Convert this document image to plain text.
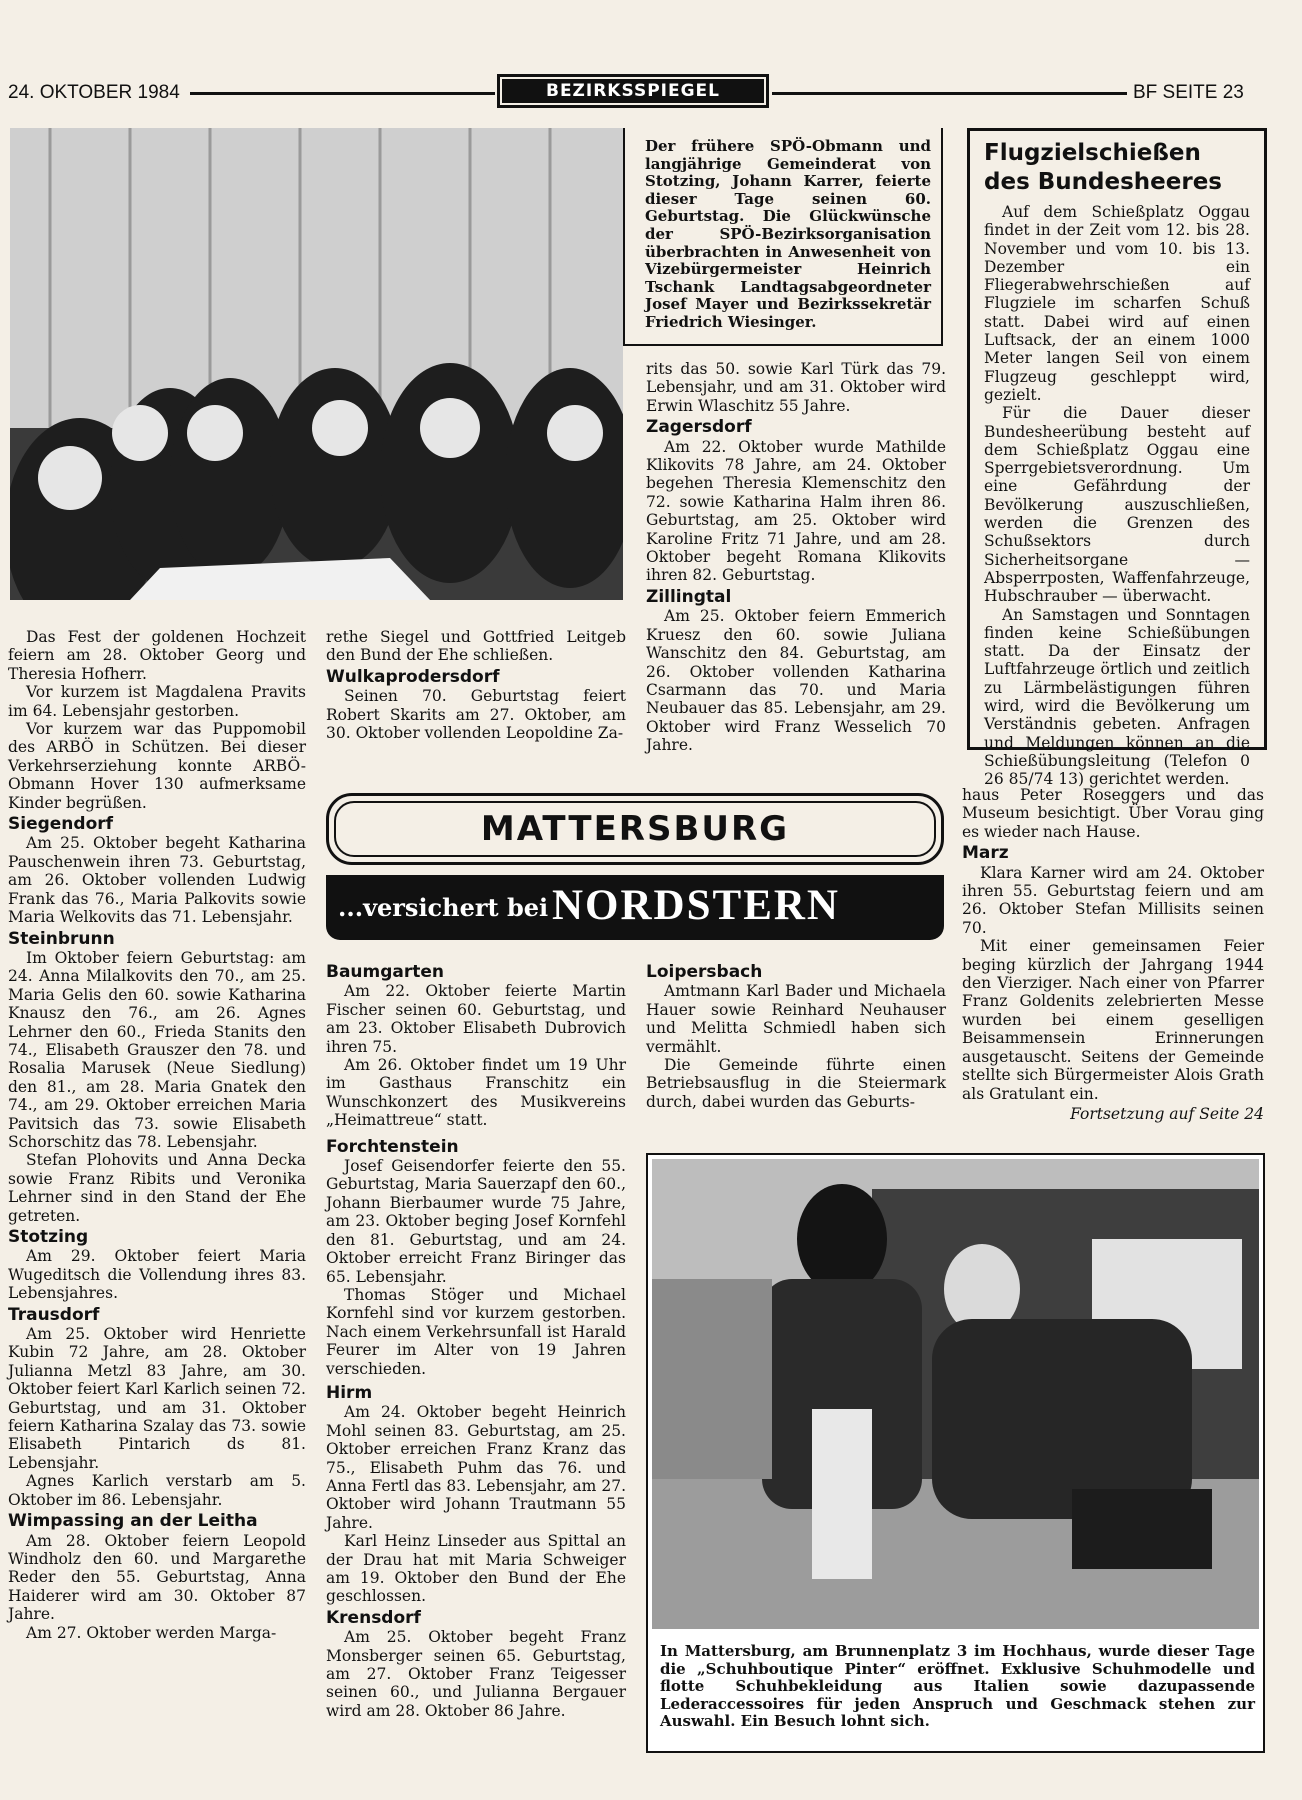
24. OKTOBER 1984	BEZIRKSSPIEGEL	BF SEITE 23
Der frühere SPÖ-Obmann und langjährige Gemeinderat von Stotzing, Johann Karrer, feierte dieser Tage seinen 60. Geburtstag. Die Glückwünsche der SPÖ-Bezirksorganisation überbrachten in Anwesenheit von Vizebürgermeister Heinrich Tschank Landtagsabgeordneter Josef Mayer und Bezirkssekretär Friedrich Wiesinger.
Flugzielschießen des Bundesheeres

Auf dem Schießplatz Oggau findet in der Zeit vom 12. bis 28. November und vom 10. bis 13. Dezember ein Fliegerabwehrschießen auf Flugziele im scharfen Schuß statt. Dabei wird auf einen Luftsack, der an einem 1000 Meter langen Seil von einem Flugzeug geschleppt wird, gezielt.

Für die Dauer dieser Bundesheerübung besteht auf dem Schießplatz Oggau eine Sperrgebietsverordnung. Um eine Gefährdung der Bevölkerung auszuschließen, werden die Grenzen des Schußsektors durch Sicherheitsorgane — Absperrposten, Waffenfahrzeuge, Hubschrauber — überwacht.

An Samstagen und Sonntagen finden keine Schießübungen statt. Da der Einsatz der Luftfahrzeuge örtlich und zeitlich zu Lärmbelästigungen führen wird, wird die Bevölkerung um Verständnis gebeten. Anfragen und Meldungen können an die Schießübungsleitung (Telefon 0 26 85/74 13) gerichtet werden.

rits das 50. sowie Karl Türk das 79. Lebensjahr, und am 31. Oktober wird Erwin Wlaschitz 55 Jahre.

Zagersdorf

Am 22. Oktober wurde Mathilde Klikovits 78 Jahre, am 24. Oktober begehen Theresia Klemenschitz den 72. sowie Katharina Halm ihren 86. Geburtstag, am 25. Oktober wird Karoline Fritz 71 Jahre, und am 28. Oktober begeht Romana Klikovits ihren 82. Geburtstag.

Zillingtal

Am 25. Oktober feiern Emmerich Kruesz den 60. sowie Juliana Wanschitz den 84. Geburtstag, am 26. Oktober vollenden Katharina Csarmann das 70. und Maria Neubauer das 85. Lebensjahr, am 29. Oktober wird Franz Wesselich 70 Jahre.

Das Fest der goldenen Hochzeit feiern am 28. Oktober Georg und Theresia Hofherr.

Vor kurzem ist Magdalena Pravits im 64. Lebensjahr gestorben.

Vor kurzem war das Puppomobil des ARBÖ in Schützen. Bei dieser Verkehrserziehung konnte ARBÖ-Obmann Hover 130 aufmerksame Kinder begrüßen.

Siegendorf

Am 25. Oktober begeht Katharina Pauschenwein ihren 73. Geburtstag, am 26. Oktober vollenden Ludwig Frank das 76., Maria Palkovits sowie Maria Welkovits das 71. Lebensjahr.

Steinbrunn

Im Oktober feiern Geburtstag: am 24. Anna Milalkovits den 70., am 25. Maria Gelis den 60. sowie Katharina Knausz den 76., am 26. Agnes Lehrner den 60., Frieda Stanits den 74., Elisabeth Grauszer den 78. und Rosalia Marusek (Neue Siedlung) den 81., am 28. Maria Gnatek den 74., am 29. Oktober erreichen Maria Pavitsich das 73. sowie Elisabeth Schorschitz das 78. Lebensjahr.

Stefan Plohovits und Anna Decka sowie Franz Ribits und Veronika Lehrner sind in den Stand der Ehe getreten.

Stotzing

Am 29. Oktober feiert Maria Wugeditsch die Vollendung ihres 83. Lebensjahres.

Trausdorf

Am 25. Oktober wird Henriette Kubin 72 Jahre, am 28. Oktober Julianna Metzl 83 Jahre, am 30. Oktober feiert Karl Karlich seinen 72. Geburtstag, und am 31. Oktober feiern Katharina Szalay das 73. sowie Elisabeth Pintarich ds 81. Lebensjahr.

Agnes Karlich verstarb am 5. Oktober im 86. Lebensjahr.

Wimpassing an der Leitha

Am 28. Oktober feiern Leopold Windholz den 60. und Margarethe Reder den 55. Geburtstag, Anna Haiderer wird am 30. Oktober 87 Jahre.

Am 27. Oktober werden Marga-

rethe Siegel und Gottfried Leitgeb den Bund der Ehe schließen.

Wulkaprodersdorf

Seinen 70. Geburtstag feiert Robert Skarits am 27. Oktober, am 30. Oktober vollenden Leopoldine Za-

MATTERSBURG
...versichert bei NORDSTERN
Baumgarten

Am 22. Oktober feierte Martin Fischer seinen 60. Geburtstag, und am 23. Oktober Elisabeth Dubrovich ihren 75.

Am 26. Oktober findet um 19 Uhr im Gasthaus Franschitz ein Wunschkonzert des Musikvereins „Heimattreue“ statt.

Forchtenstein

Josef Geisendorfer feierte den 55. Geburtstag, Maria Sauerzapf den 60., Johann Bierbaumer wurde 75 Jahre, am 23. Oktober beging Josef Kornfehl den 81. Geburtstag, und am 24. Oktober erreicht Franz Biringer das 65. Lebensjahr.

Thomas Stöger und Michael Kornfehl sind vor kurzem gestorben. Nach einem Verkehrsunfall ist Harald Feurer im Alter von 19 Jahren verschieden.

Hirm

Am 24. Oktober begeht Heinrich Mohl seinen 83. Geburtstag, am 25. Oktober erreichen Franz Kranz das 75., Elisabeth Puhm das 76. und Anna Fertl das 83. Lebensjahr, am 27. Oktober wird Johann Trautmann 55 Jahre.

Karl Heinz Linseder aus Spittal an der Drau hat mit Maria Schweiger am 19. Oktober den Bund der Ehe geschlossen.

Krensdorf

Am 25. Oktober begeht Franz Monsberger seinen 65. Geburtstag, am 27. Oktober Franz Teigesser seinen 60., und Julianna Bergauer wird am 28. Oktober 86 Jahre.

Loipersbach

Amtmann Karl Bader und Michaela Hauer sowie Reinhard Neuhauser und Melitta Schmiedl haben sich vermählt.

Die Gemeinde führte einen Betriebsausflug in die Steiermark durch, dabei wurden das Geburts-

haus Peter Roseggers und das Museum besichtigt. Über Vorau ging es wieder nach Hause.

Marz

Klara Karner wird am 24. Oktober ihren 55. Geburtstag feiern und am 26. Oktober Stefan Millisits seinen 70.

Mit einer gemeinsamen Feier beging kürzlich der Jahrgang 1944 den Vierziger. Nach einer von Pfarrer Franz Goldenits zelebrierten Messe wurden bei einem geselligen Beisammensein Erinnerungen ausgetauscht. Seitens der Gemeinde stellte sich Bürgermeister Alois Grath als Gratulant ein.

Fortsetzung auf Seite 24
In Mattersburg, am Brunnenplatz 3 im Hochhaus, wurde dieser Tage die „Schuhboutique Pinter“ eröffnet. Exklusive Schuhmodelle und flotte Schuhbekleidung aus Italien sowie dazupassende Lederaccessoires für jeden Anspruch und Geschmack stehen zur Auswahl. Ein Besuch lohnt sich.
